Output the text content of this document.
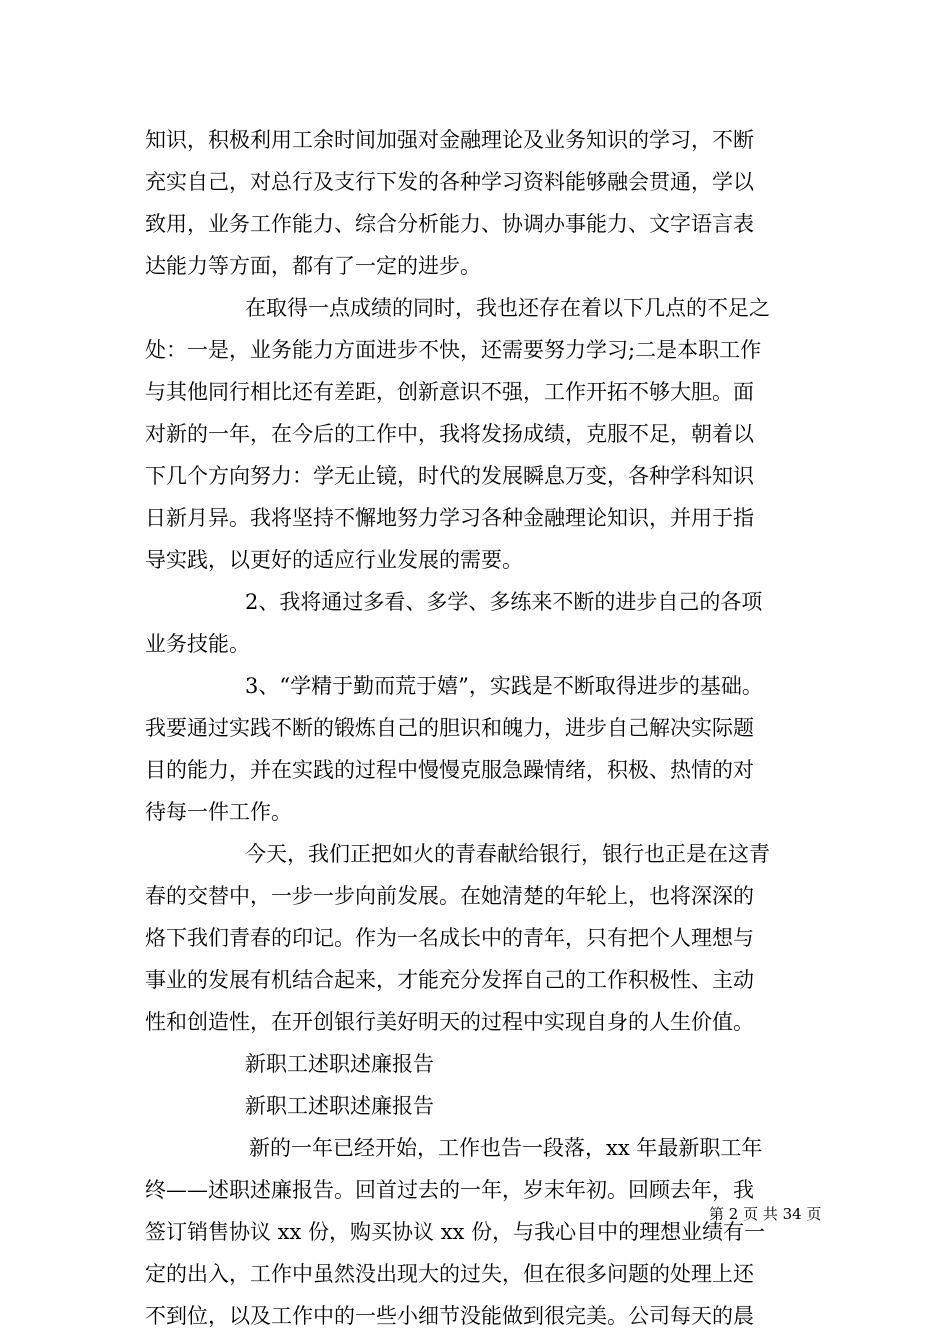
知识，积极利用工余时间加强对金融理论及业务知识的学习，不断
充实自己，对总行及支行下发的各种学习资料能够融会贯通，学以
致用，业务工作能力、综合分析能力、协调办事能力、文字语言表
达能力等方面，都有了一定的进步。
在取得一点成绩的同时，我也还存在着以下几点的不足之
处：一是，业务能力方面进步不快，还需要努力学习;二是本职工作
与其他同行相比还有差距，创新意识不强，工作开拓不够大胆。面
对新的一年，在今后的工作中，我将发扬成绩，克服不足，朝着以
下几个方向努力：学无止镜，时代的发展瞬息万变，各种学科知识
日新月异。我将坚持不懈地努力学习各种金融理论知识，并用于指
导实践，以更好的适应行业发展的需要。
2、我将通过多看、多学、多练来不断的进步自己的各项
业务技能。
3、“学精于勤而荒于嬉”，实践是不断取得进步的基础。
我要通过实践不断的锻炼自己的胆识和魄力，进步自己解决实际题
目的能力，并在实践的过程中慢慢克服急躁情绪，积极、热情的对
待每一件工作。
今天，我们正把如火的青春献给银行，银行也正是在这青
春的交替中，一步一步向前发展。在她清楚的年轮上，也将深深的
烙下我们青春的印记。作为一名成长中的青年，只有把个人理想与
事业的发展有机结合起来，才能充分发挥自己的工作积极性、主动
性和创造性，在开创银行美好明天的过程中实现自身的人生价值。
新职工述职述廉报告
新职工述职述廉报告
新的一年已经开始，工作也告一段落，xx 年最新职工年
终——述职述廉报告。回首过去的一年，岁末年初。回顾去年，我
签订销售协议 xx 份，购买协议 xx 份，与我心目中的理想业绩有一
定的出入，工作中虽然没出现大的过失，但在很多问题的处理上还
不到位，以及工作中的一些小细节没能做到很完美。公司每天的晨
第 2 页 共 34 页
